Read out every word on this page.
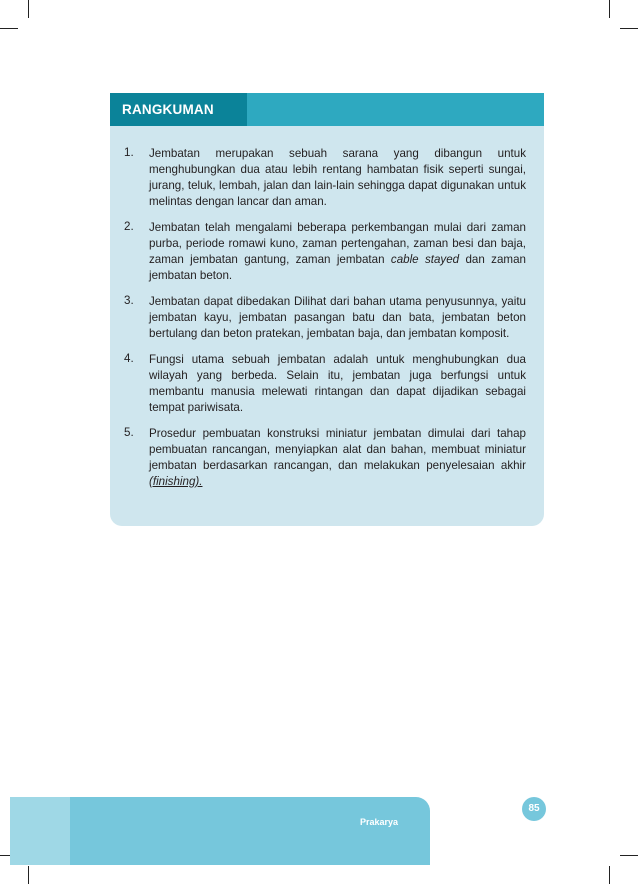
RANGKUMAN
1. Jembatan merupakan sebuah sarana yang dibangun untuk menghubungkan dua atau lebih rentang hambatan fisik seperti sungai, jurang, teluk, lembah, jalan dan lain-lain sehingga dapat digunakan untuk melintas dengan lancar dan aman.
2. Jembatan telah mengalami beberapa perkembangan mulai dari zaman purba, periode romawi kuno, zaman pertengahan, zaman besi dan baja, zaman jembatan gantung, zaman jembatan cable stayed dan zaman jembatan beton.
3. Jembatan dapat dibedakan Dilihat dari bahan utama penyusunnya, yaitu jembatan kayu, jembatan pasangan batu dan bata, jembatan beton bertulang dan beton pratekan, jembatan baja, dan jembatan komposit.
4. Fungsi utama sebuah jembatan adalah untuk menghubungkan dua wilayah yang berbeda. Selain itu, jembatan juga berfungsi untuk membantu manusia melewati rintangan dan dapat dijadikan sebagai tempat pariwisata.
5. Prosedur pembuatan konstruksi miniatur jembatan dimulai dari tahap pembuatan rancangan, menyiapkan alat dan bahan, membuat miniatur jembatan berdasarkan rancangan, dan melakukan penyelesaian akhir (finishing).
Prakarya
85
